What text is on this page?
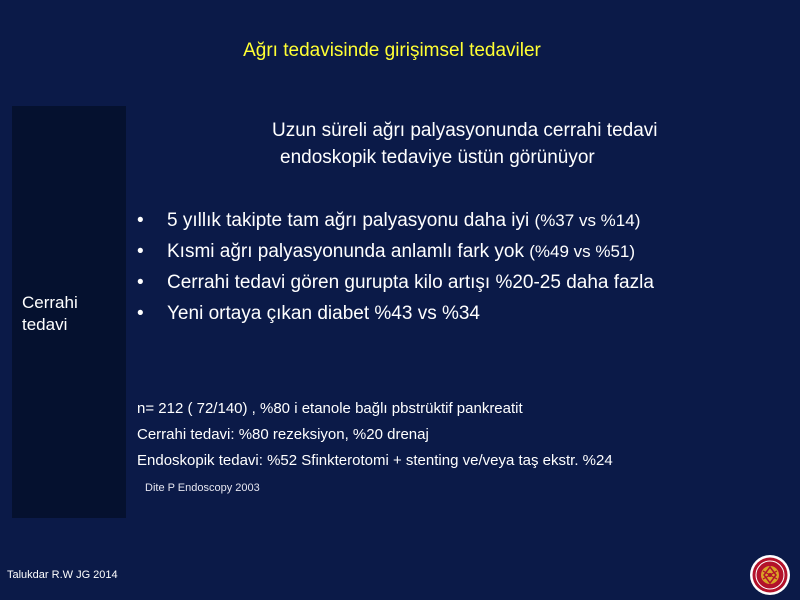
Ağrı tedavisinde girişimsel tedaviler
Cerrahi
tedavi
Uzun süreli ağrı palyasyonunda cerrahi tedavi
endoskopik tedaviye üstün görünüyor
• 5 yıllık takipte tam ağrı palyasyonu daha iyi (%37 vs %14)
• Kısmi ağrı palyasyonunda anlamlı fark yok (%49 vs %51)
• Cerrahi tedavi gören gurupta kilo artışı %20-25 daha fazla
• Yeni ortaya çıkan diabet %43 vs %34
n= 212 ( 72/140) , %80 i etanole bağlı pbstrüktif pankreatit
Cerrahi tedavi: %80 rezeksiyon, %20 drenaj
Endoskopik tedavi: %52 Sfinkterotomi + stenting ve/veya taş ekstr. %24
Dite P Endoscopy 2003
Talukdar R.W JG 2014
